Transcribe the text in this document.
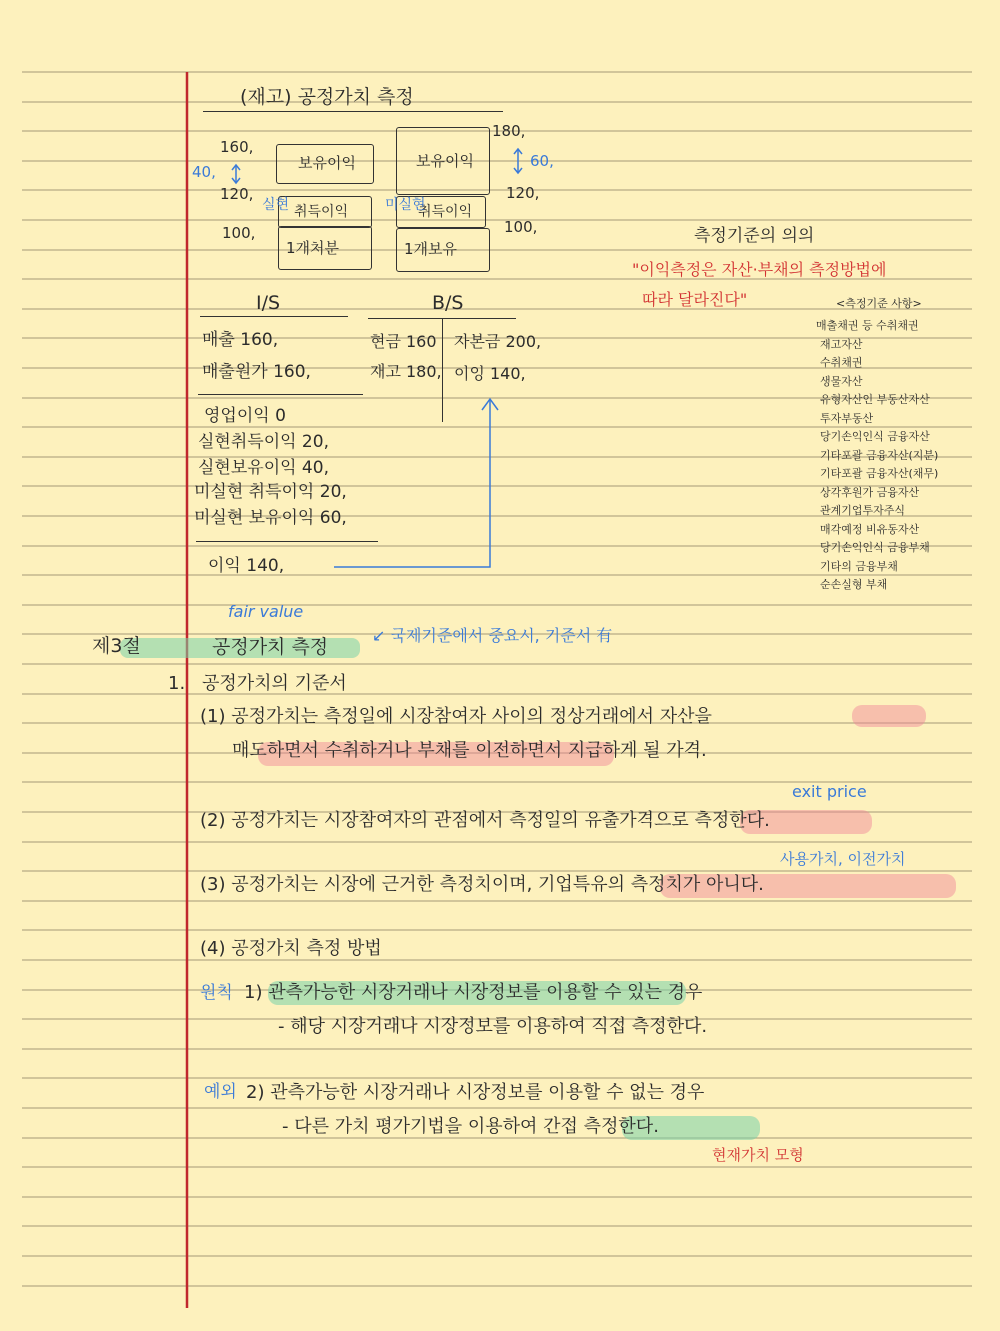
(재고) 공정가치 측정
160,
40,
120,
100,
보유이익
취득이익
실현
1개처분
보유이익
취득이익
미실현
1개보유
180,
60,
120,
100,
I/S
매출 160,
매출원가 160,
영업이익 0
실현취득이익 20,
실현보유이익 40,
미실현 취득이익 20,
미실현 보유이익 60,
이익 140,
B/S
현금 160
재고 180,
자본금 200,
이잉 140,
측정기준의 의의
"이익측정은 자산·부채의 측정방법에
따라 달라진다"	<측정기준 사항>
매출채권 등 수취채권
재고자산
수취채권
생물자산
유형자산인 부동산자산
투자부동산
당기손익인식 금융자산
기타포괄 금융자산(지분)
기타포괄 금융자산(채무)
상각후원가 금융자산
관계기업투자주식
매각예정 비유동자산
당기손익인식 금융부채
기타의 금융부채
순손실형 부채
fair value
제3절	공정가치 측정
↙ 국제기준에서 중요시, 기준서 有
1. 공정가치의 기준서
(1) 공정가치는 측정일에 시장참여자 사이의 정상거래에서 자산을
매도하면서 수취하거나 부채를 이전하면서 지급하게 될 가격.
exit price
(2) 공정가치는 시장참여자의 관점에서 측정일의 유출가격으로 측정한다.
사용가치, 이전가치
(3) 공정가치는 시장에 근거한 측정치이며, 기업특유의 측정치가 아니다.
(4) 공정가치 측정 방법
원칙 1) 관측가능한 시장거래나 시장정보를 이용할 수 있는 경우
- 해당 시장거래나 시장정보를 이용하여 직접 측정한다.
예외 2) 관측가능한 시장거래나 시장정보를 이용할 수 없는 경우
- 다른 가치 평가기법을 이용하여 간접 측정한다.
현재가치 모형
